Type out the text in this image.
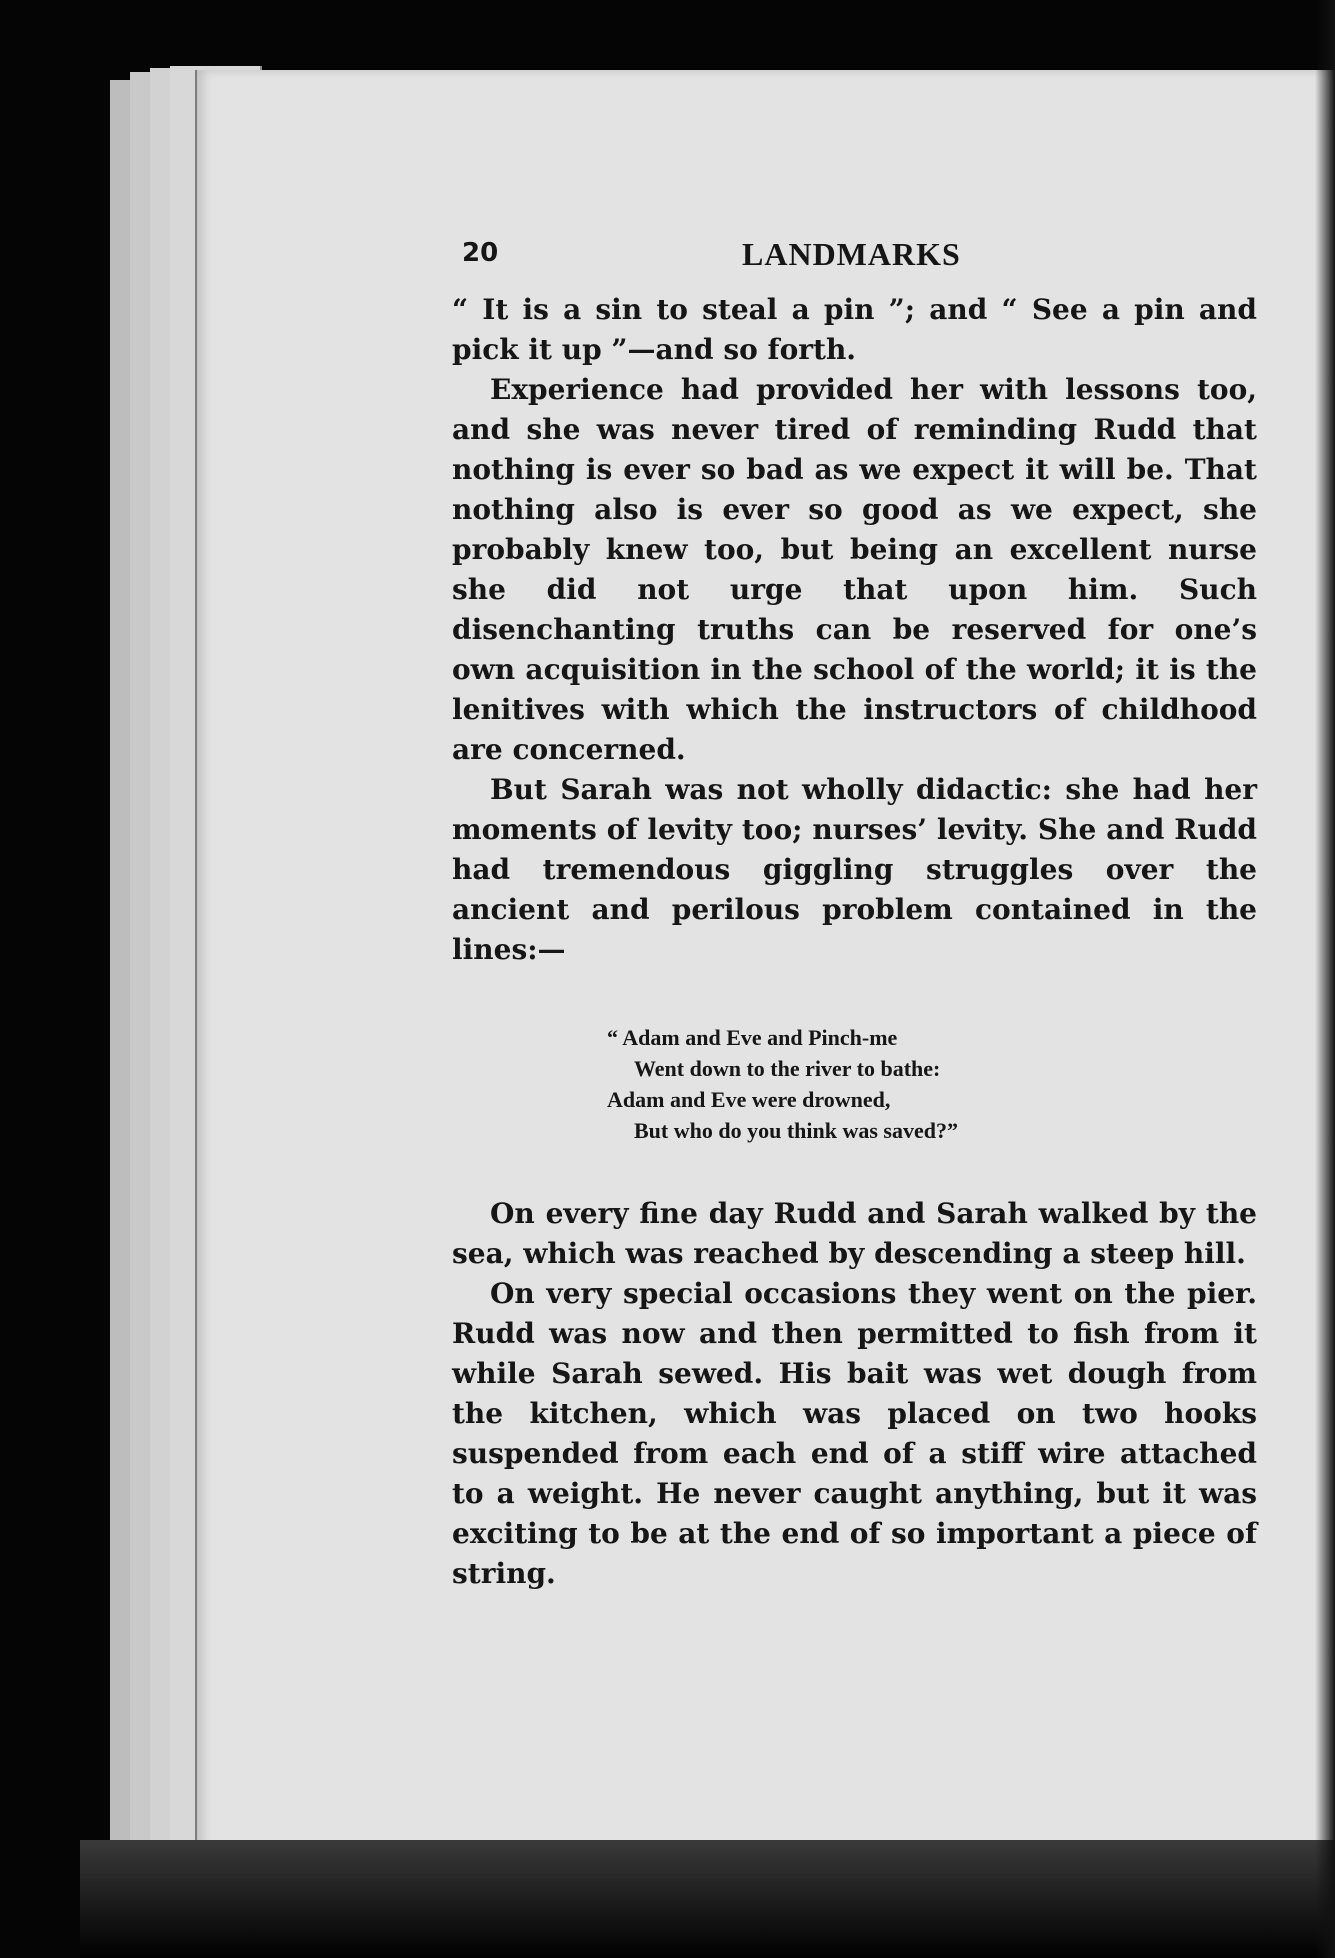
20	LANDMARKS

“ It is a sin to steal a pin ”; and “ See a pin and pick it up ”—and so forth.

Experience had provided her with lessons too, and she was never tired of reminding Rudd that nothing is ever so bad as we expect it will be. That nothing also is ever so good as we expect, she probably knew too, but being an excellent nurse she did not urge that upon him. Such disenchanting truths can be reserved for one’s own acquisition in the school of the world; it is the lenitives with which the instructors of childhood are concerned.

But Sarah was not wholly didactic: she had her moments of levity too; nurses’ levity. She and Rudd had tremendous giggling struggles over the ancient and perilous problem contained in the lines:—

“ Adam and Eve and Pinch-me
Went down to the river to bathe:
Adam and Eve were drowned,
But who do you think was saved?”

On every fine day Rudd and Sarah walked by the sea, which was reached by descending a steep hill.

On very special occasions they went on the pier. Rudd was now and then permitted to fish from it while Sarah sewed. His bait was wet dough from the kitchen, which was placed on two hooks suspended from each end of a stiff wire attached to a weight. He never caught anything, but it was exciting to be at the end of so important a piece of string.
